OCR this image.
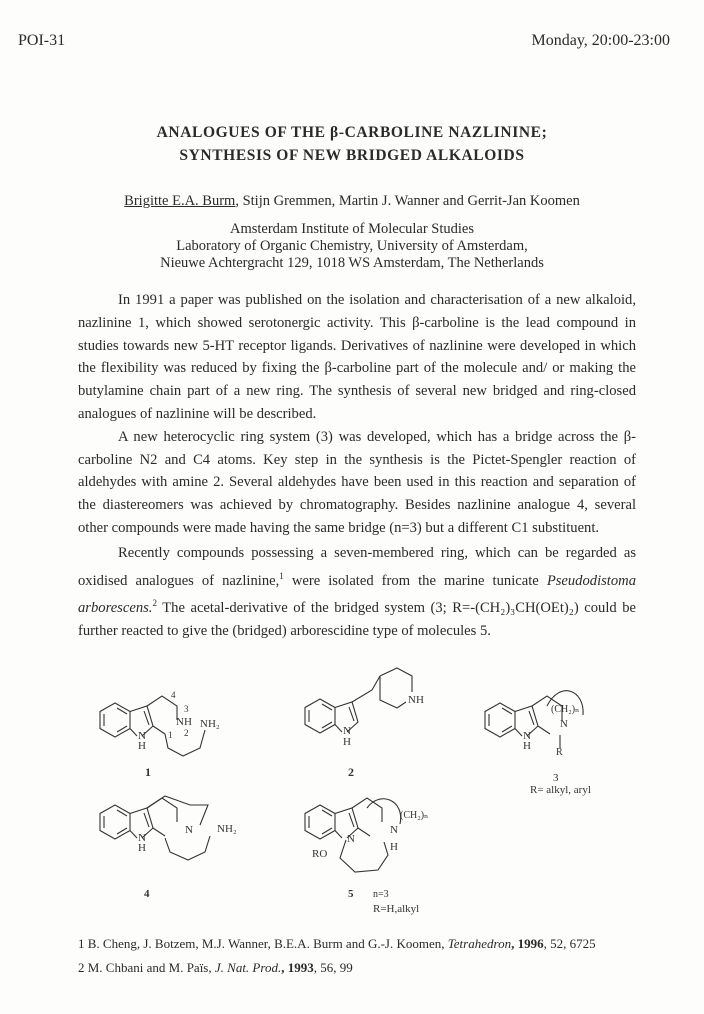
POI-31	Monday, 20:00-23:00
ANALOGUES OF THE β-CARBOLINE NAZLININE;
SYNTHESIS OF NEW BRIDGED ALKALOIDS
Brigitte E.A. Burm, Stijn Gremmen, Martin J. Wanner and Gerrit-Jan Koomen
Amsterdam Institute of Molecular Studies
Laboratory of Organic Chemistry, University of Amsterdam,
Nieuwe Achtergracht 129, 1018 WS Amsterdam, The Netherlands

In 1991 a paper was published on the isolation and characterisation of a new alkaloid, nazlinine 1, which showed serotonergic activity. This β-carboline is the lead compound in studies towards new 5-HT receptor ligands. Derivatives of nazlinine were developed in which the flexibility was reduced by fixing the β-carboline part of the molecule and/ or making the butylamine chain part of a new ring. The synthesis of several new bridged and ring-closed analogues of nazlinine will be described.

A new heterocyclic ring system (3) was developed, which has a bridge across the β-carboline N2 and C4 atoms. Key step in the synthesis is the Pictet-Spengler reaction of aldehydes with amine 2. Several aldehydes have been used in this reaction and separation of the diastereomers was achieved by chromatography. Besides nazlinine analogue 4, several other compounds were made having the same bridge (n=3) but a different C1 substituent.

Recently compounds possessing a seven-membered ring, which can be regarded as oxidised analogues of nazlinine,$^1$ were isolated from the marine tunicate Pseudodistoma arborescens.$^2$ The acetal-derivative of the bridged system (3; R=-(CH₂)₃CH(OEt)₂) could be further reacted to give the (bridged) arborescidine type of molecules 5.

4
3
NH NH₂
2
1
N
H
1
NH
N
H
2
(CH₂)ₙ
N
N
H
R
3
R= alkyl, aryl
N NH₂
N
H
4
(CH₂)ₙ
N
N
H
RO
5 n=3
R=H,alkyl
1 B. Cheng, J. Botzem, M.J. Wanner, B.E.A. Burm and G.-J. Koomen, Tetrahedron, 1996, 52, 6725
2 M. Chbani and M. Païs, J. Nat. Prod., 1993, 56, 99
